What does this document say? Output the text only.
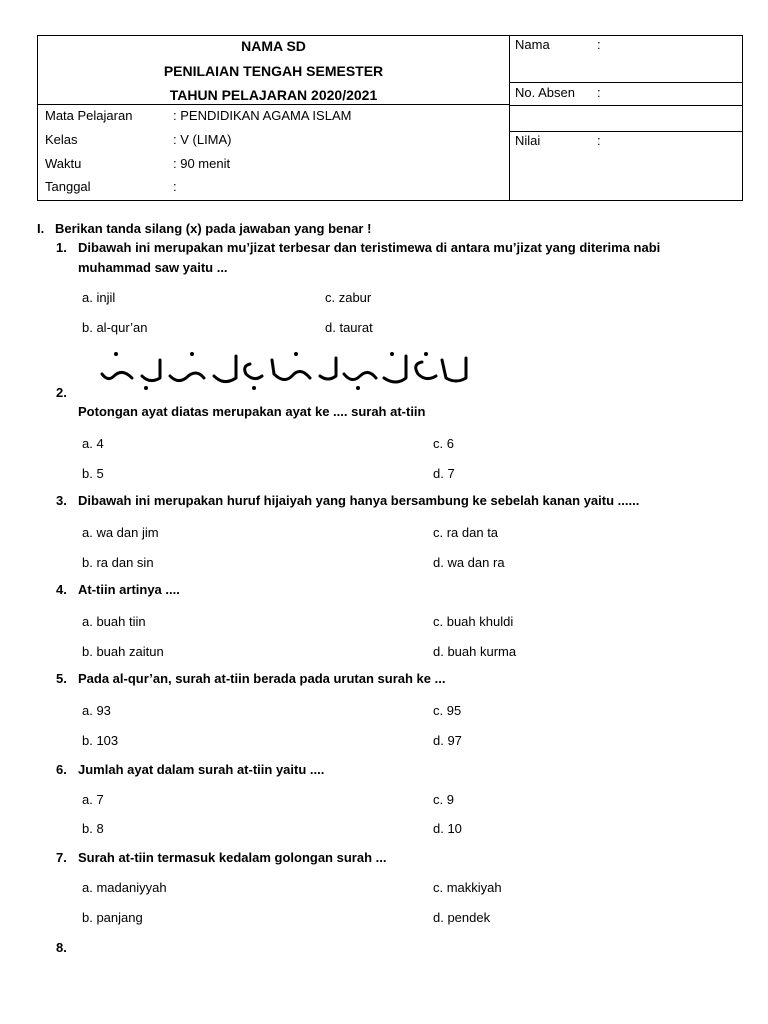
NAMA SD
PENILAIAN TENGAH SEMESTER
TAHUN PELAJARAN 2020/2021
Mata Pelajaran	: PENDIDIKAN AGAMA ISLAM
Kelas	: V (LIMA)
Waktu	: 90 menit
Tanggal	:
Nama	:
No. Absen :
Nilai	:
I. Berikan tanda silang (x) pada jawaban yang benar !
1. Dibawah ini merupakan mu’jizat terbesar dan teristimewa di antara mu’jizat yang diterima nabi
muhammad saw yaitu ...
a. injil	c. zabur
b. al-qur’an	d. taurat
2.
Potongan ayat diatas merupakan ayat ke .... surah at-tiin
a. 4	c. 6
b. 5	d. 7
3. Dibawah ini merupakan huruf hijaiyah yang hanya bersambung ke sebelah kanan yaitu ......
a. wa dan jim	c. ra dan ta
b. ra dan sin	d. wa dan ra
4. At-tiin artinya ....
a. buah tiin	c. buah khuldi
b. buah zaitun	d. buah kurma
5. Pada al-qur’an, surah at-tiin berada pada urutan surah ke ...
a. 93	c. 95
b. 103	d. 97
6. Jumlah ayat dalam surah at-tiin yaitu ....
a. 7	c. 9
b. 8	d. 10
7. Surah at-tiin termasuk kedalam golongan surah ...
a. madaniyyah	c. makkiyah
b. panjang	d. pendek
8.
